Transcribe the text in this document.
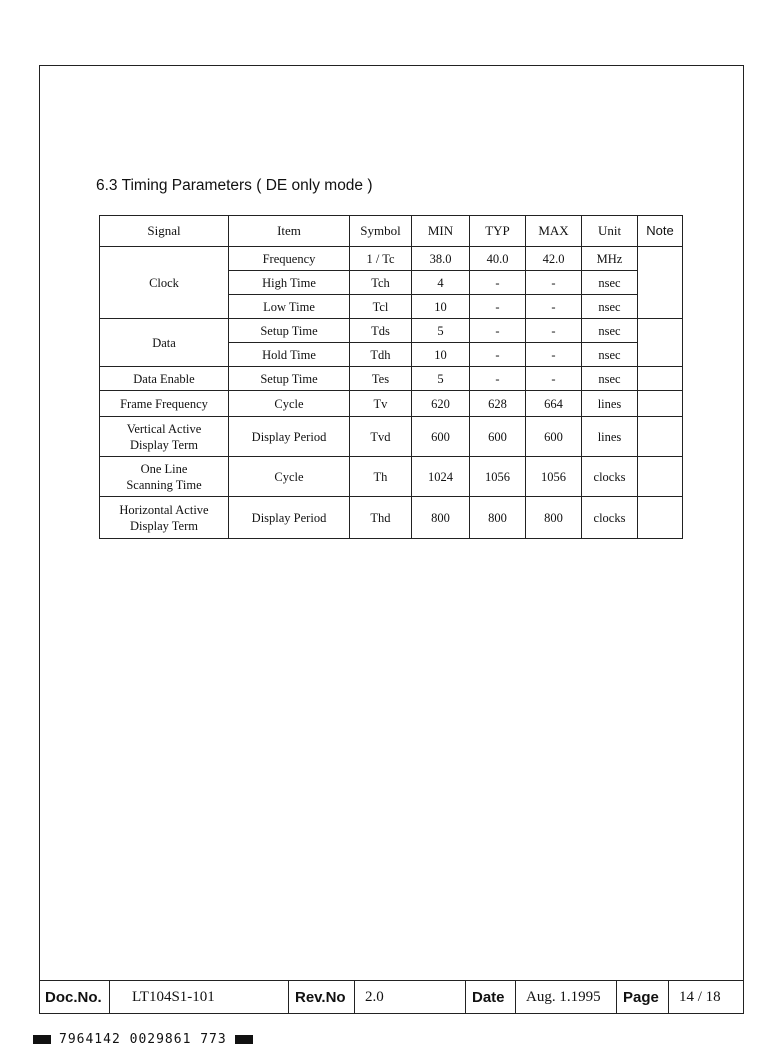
6.3 Timing Parameters ( DE only mode )
Signal	Item	Symbol	MIN	TYP	MAX	Unit	Note
Clock	Frequency	1 / Tc	38.0	40.0	42.0	MHz	
	High Time	Tch	4	-	-	nsec	
	Low Time	Tcl	10	-	-	nsec	
Data	Setup Time	Tds	5	-	-	nsec	
	Hold Time	Tdh	10	-	-	nsec	
Data Enable	Setup Time	Tes	5	-	-	nsec	
Frame Frequency	Cycle	Tv	620	628	664	lines	

Vertical Active
Display Term	Display Period	Tvd	600	600	600	lines	

One Line
Scanning Time	Cycle	Th	1024	1056	1056	clocks	

Horizontal Active
Display Term	Display Period	Thd	800	800	800	clocks	
Doc.No.	LT104S1-101	Rev.No	2.0	Date	Aug. 1.1995	Page	14 / 18
7964142 0029861 773
